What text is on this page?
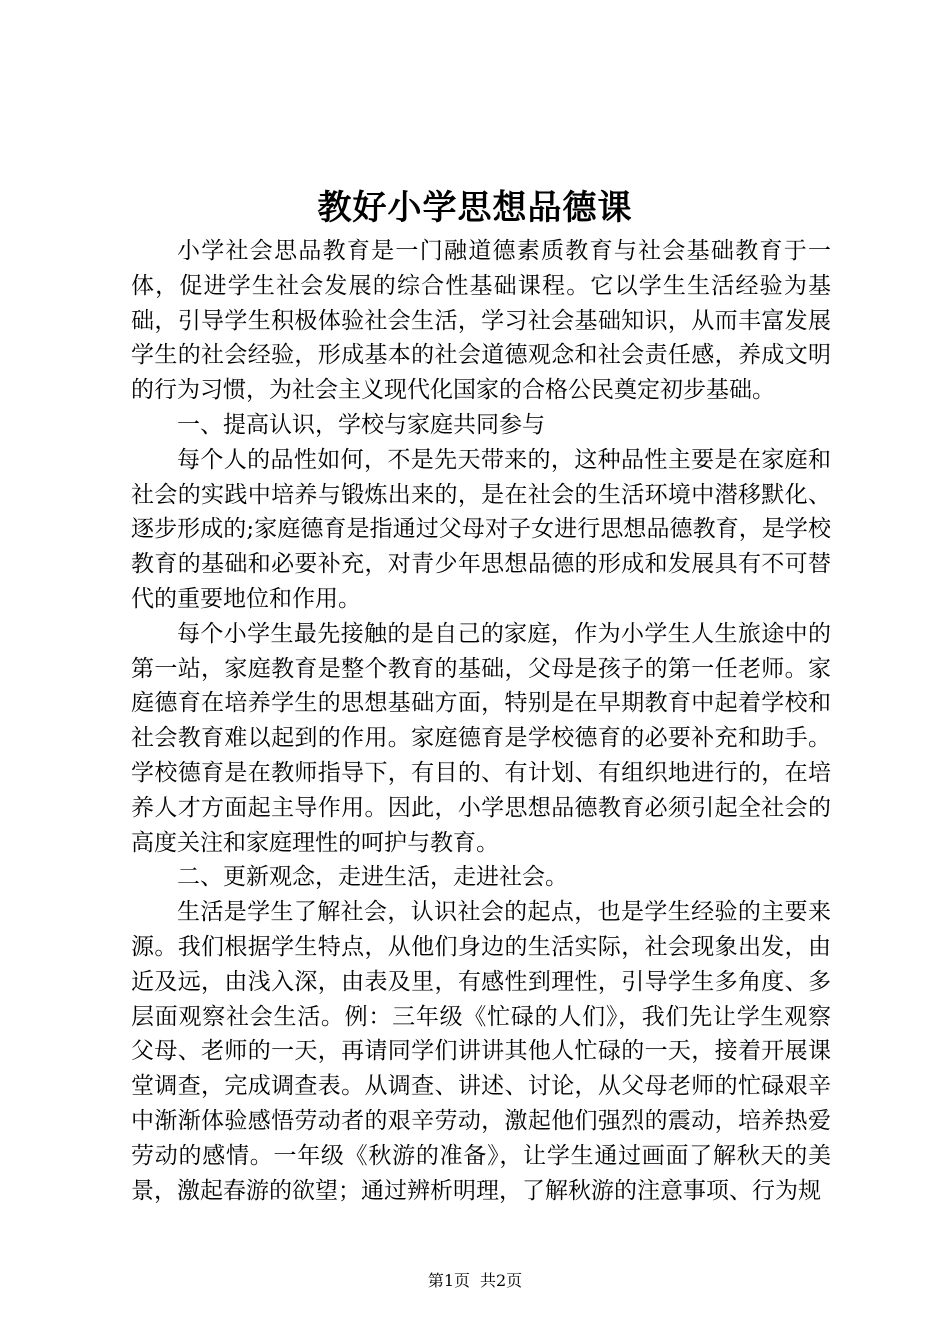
教好小学思想品德课

小学社会思品教育是一门融道德素质教育与社会基础教育于一体，促进学生社会发展的综合性基础课程。它以学生生活经验为基础，引导学生积极体验社会生活，学习社会基础知识，从而丰富发展学生的社会经验，形成基本的社会道德观念和社会责任感，养成文明的行为习惯，为社会主义现代化国家的合格公民奠定初步基础。

一、提高认识，学校与家庭共同参与

每个人的品性如何，不是先天带来的，这种品性主要是在家庭和社会的实践中培养与锻炼出来的，是在社会的生活环境中潜移默化、逐步形成的;家庭德育是指通过父母对子女进行思想品德教育，是学校教育的基础和必要补充，对青少年思想品德的形成和发展具有不可替代的重要地位和作用。

每个小学生最先接触的是自己的家庭，作为小学生人生旅途中的第一站，家庭教育是整个教育的基础，父母是孩子的第一任老师。家庭德育在培养学生的思想基础方面，特别是在早期教育中起着学校和社会教育难以起到的作用。家庭德育是学校德育的必要补充和助手。学校德育是在教师指导下，有目的、有计划、有组织地进行的，在培养人才方面起主导作用。因此，小学思想品德教育必须引起全社会的高度关注和家庭理性的呵护与教育。

二、更新观念，走进生活，走进社会。

生活是学生了解社会，认识社会的起点，也是学生经验的主要来源。我们根据学生特点，从他们身边的生活实际，社会现象出发，由近及远，由浅入深，由表及里，有感性到理性，引导学生多角度、多层面观察社会生活。例：三年级《忙碌的人们》，我们先让学生观察父母、老师的一天，再请同学们讲讲其他人忙碌的一天，接着开展课堂调查，完成调查表。从调查、讲述、讨论，从父母老师的忙碌艰辛中渐渐体验感悟劳动者的艰辛劳动，激起他们强烈的震动，培养热爱劳动的感情。一年级《秋游的准备》，让学生通过画面了解秋天的美景，激起春游的欲望；通过辨析明理，了解秋游的注意事项、行为规

第1页 共2页
